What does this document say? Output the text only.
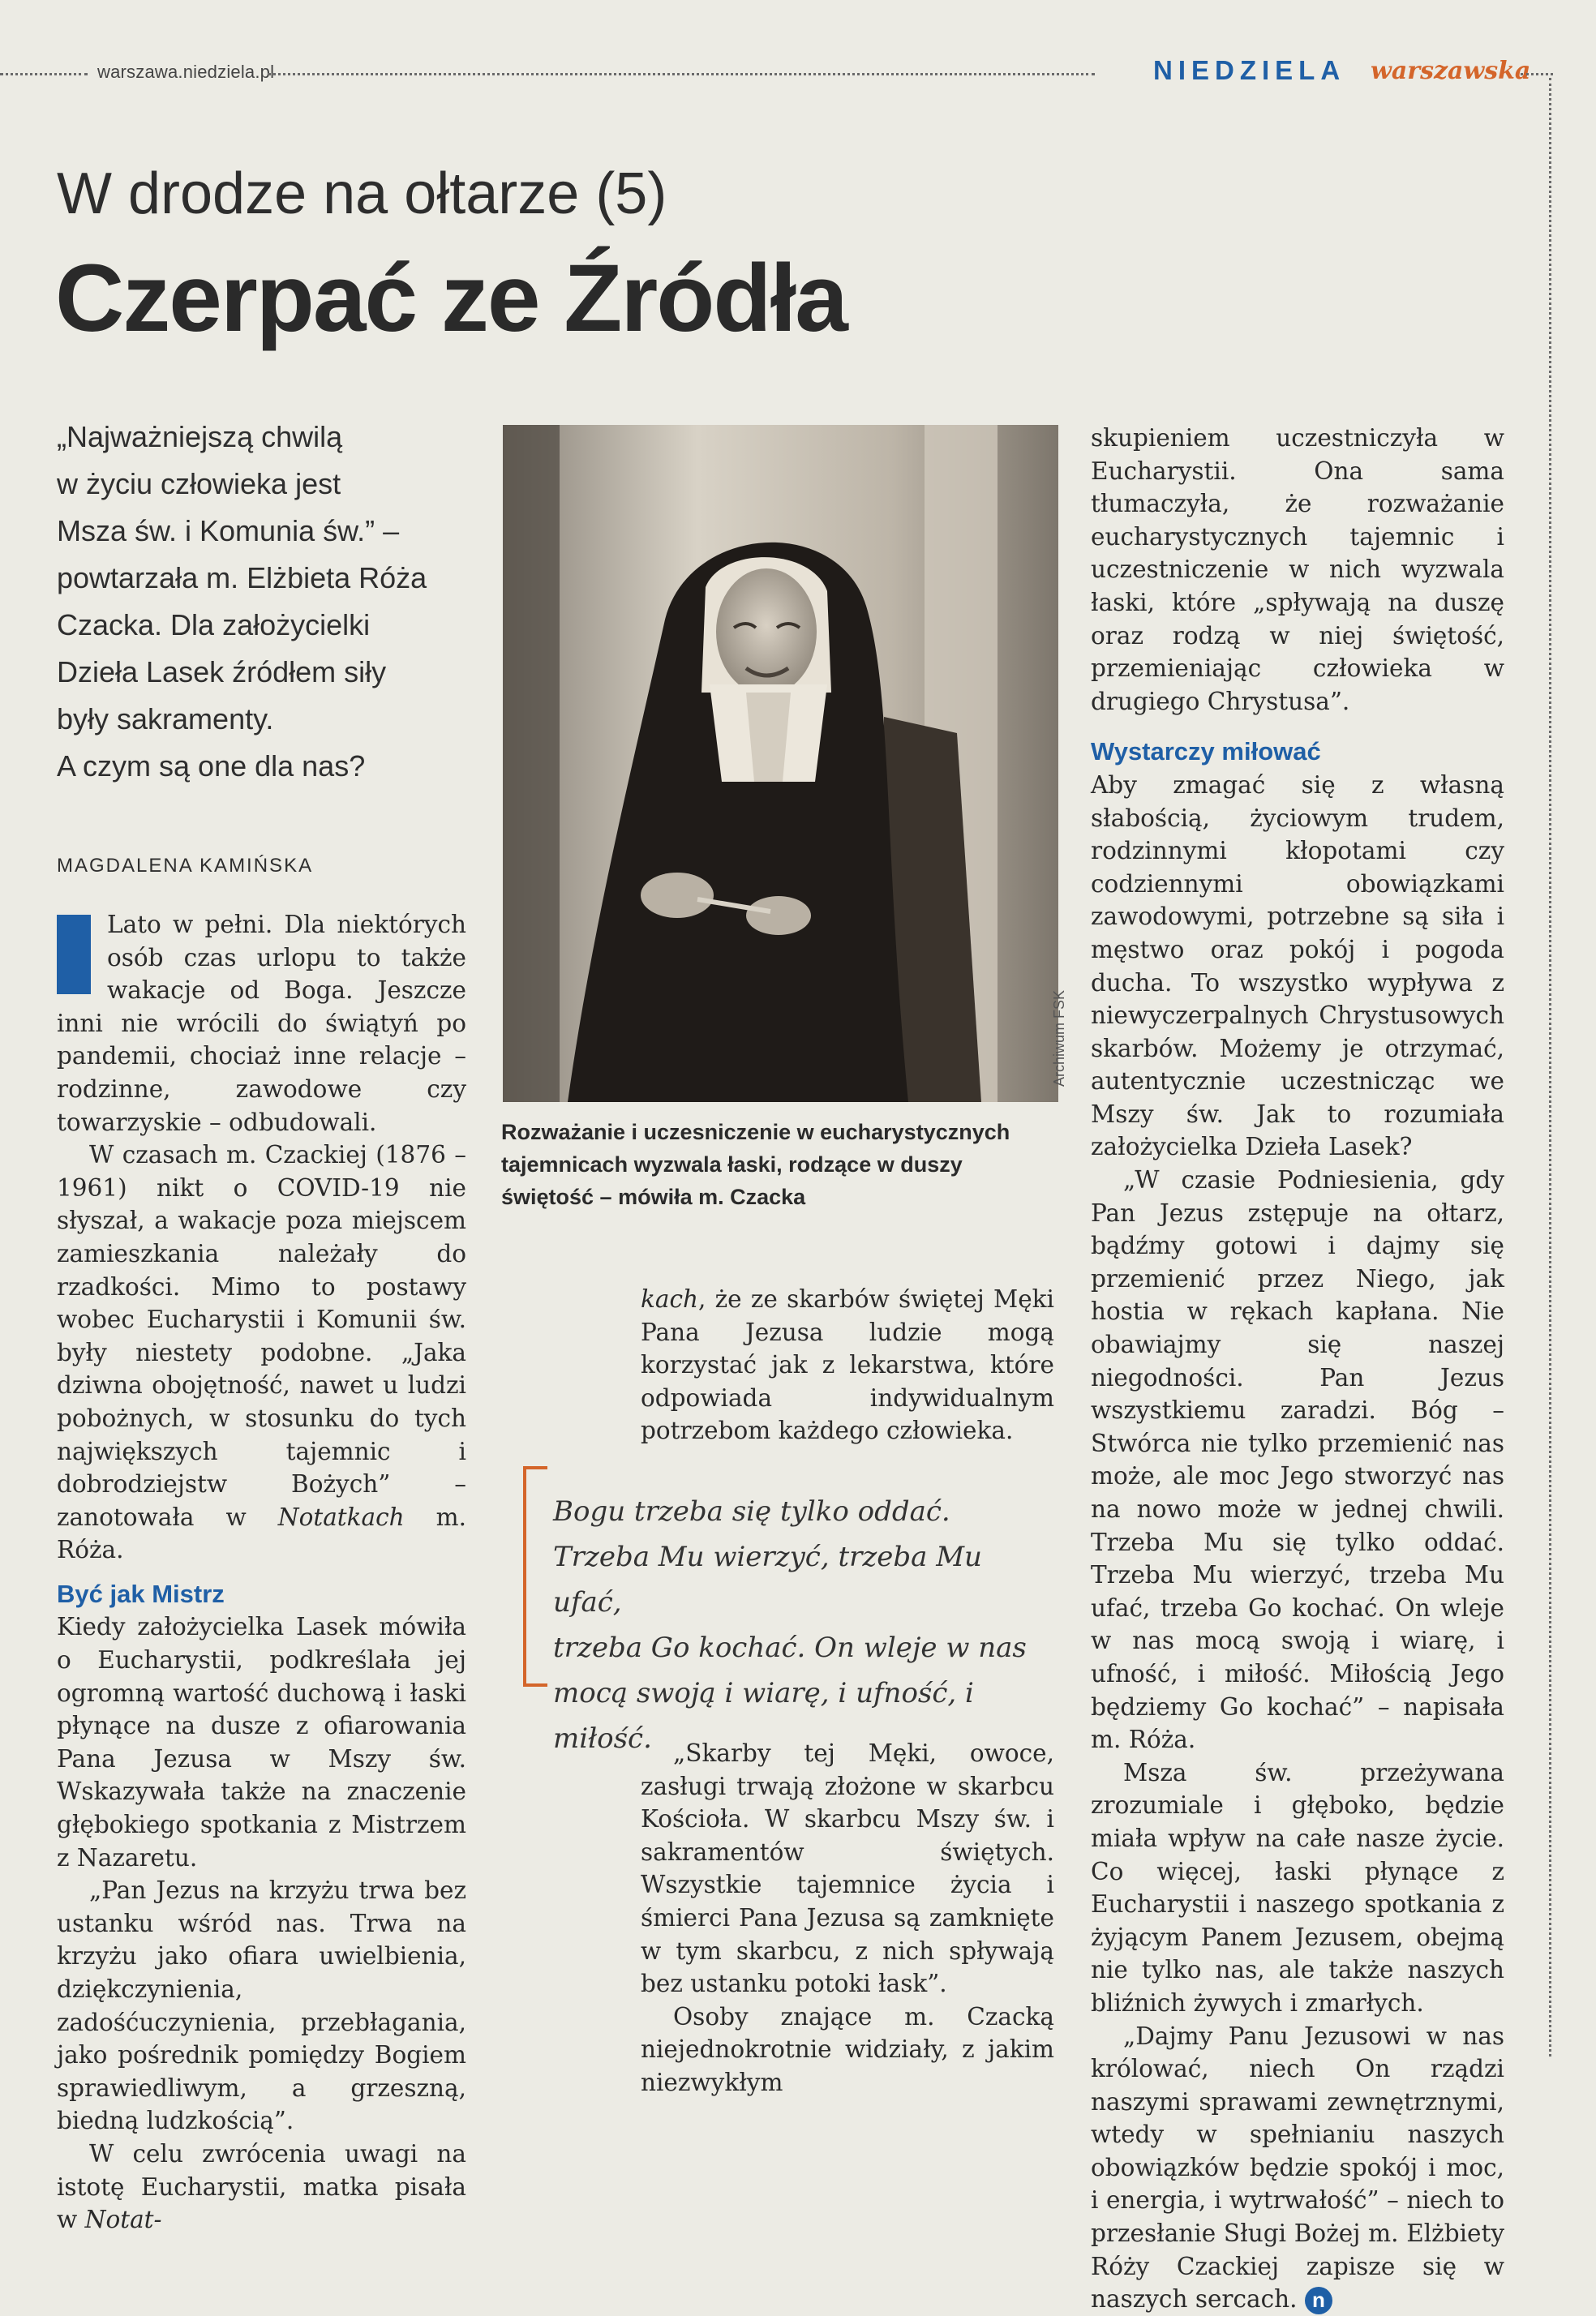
warszawa.niedziela.pl	NIEDZIELA warszawska
W drodze na ołtarze (5)
Czerpać ze Źródła

„Najważniejszą chwilą

w życiu człowieka jest

Msza św. i Komunia św.” –

powtarzała m. Elżbieta Róża

Czacka. Dla założycielki

Dzieła Lasek źródłem siły

były sakramenty.

A czym są one dla nas?

MAGDALENA KAMIŃSKA

Lato w pełni. Dla niektórych osób czas urlopu to także wakacje od Boga. Jeszcze inni nie wrócili do świątyń po pandemii, chociaż inne relacje – rodzinne, zawodowe czy towarzyskie – odbudowali.

W czasach m. Czackiej (1876 – 1961) nikt o COVID-19 nie słyszał, a wakacje poza miejscem zamieszkania należały do rzadkości. Mimo to postawy wobec Eucharystii i Komunii św. były niestety podobne. „Jaka dziwna obojętność, nawet u ludzi pobożnych, w stosunku do tych największych tajemnic i dobrodziejstw Bożych” – zanotowała w Notatkach m. Róża.

Być jak Mistrz

Kiedy założycielka Lasek mówiła o Eucharystii, podkreślała jej ogromną wartość duchową i łaski płynące na dusze z ofiarowania Pana Jezusa w Mszy św. Wskazywała także na znaczenie głębokiego spotkania z Mistrzem z Nazaretu.

„Pan Jezus na krzyżu trwa bez ustanku wśród nas. Trwa na krzyżu jako ofiara uwielbienia, dziękczynienia, zadośćuczynienia, przebłagania, jako pośrednik pomiędzy Bogiem sprawiedliwym, a grzeszną, biedną ludzkością”.

W celu zwrócenia uwagi na istotę Eucharystii, matka pisała w Notat-

Archiwum FSK
Rozważanie i uczesniczenie w eucharystycznych tajemnicach wyzwala łaski, rodzące w duszy świętość – mówiła m. Czacka

kach, że ze skarbów świętej Męki Pana Jezusa ludzie mogą korzystać jak z lekarstwa, które odpowiada indywidualnym potrzebom każdego człowieka.

Bogu trzeba się tylko oddać.

Trzeba Mu wierzyć, trzeba Mu ufać,

trzeba Go kochać. On wleje w nas

mocą swoją i wiarę, i ufność, i miłość. „Skarby tej Męki, owoce, zasługi trwają złożone w skarbcu Kościoła. W skarbcu Mszy św. i sakramentów świętych. Wszystkie tajemnice życia i śmierci Pana Jezusa są zamknięte w tym skarbcu, z nich spływają bez ustanku potoki łask”.

Osoby znające m. Czacką niejednokrotnie widziały, z jakim niezwykłym

skupieniem uczestniczyła w Eucharystii. Ona sama tłumaczyła, że rozważanie eucharystycznych tajemnic i uczestniczenie w nich wyzwala łaski, które „spływają na duszę oraz rodzą w niej świętość, przemieniając człowieka w drugiego Chrystusa”.

Wystarczy miłować

Aby zmagać się z własną słabością, życiowym trudem, rodzinnymi kłopotami czy codziennymi obowiązkami zawodowymi, potrzebne są siła i męstwo oraz pokój i pogoda ducha. To wszystko wypływa z niewyczerpalnych Chrystusowych skarbów. Możemy je otrzymać, autentycznie uczestnicząc we Mszy św. Jak to rozumiała założycielka Dzieła Lasek?

„W czasie Podniesienia, gdy Pan Jezus zstępuje na ołtarz, bądźmy gotowi i dajmy się przemienić przez Niego, jak hostia w rękach kapłana. Nie obawiajmy się naszej niegodności. Pan Jezus wszystkiemu zaradzi. Bóg – Stwórca nie tylko przemienić nas może, ale moc Jego stworzyć nas na nowo może w jednej chwili. Trzeba Mu się tylko oddać. Trzeba Mu wierzyć, trzeba Mu ufać, trzeba Go kochać. On wleje w nas mocą swoją i wiarę, i ufność, i miłość. Miłością Jego będziemy Go kochać” – napisała m. Róża.

Msza św. przeżywana zrozumiale i głęboko, będzie miała wpływ na całe nasze życie. Co więcej, łaski płynące z Eucharystii i naszego spotkania z żyjącym Panem Jezusem, obejmą nie tylko nas, ale także naszych bliźnich żywych i zmarłych.

„Dajmy Panu Jezusowi w nas królować, niech On rządzi naszymi sprawami zewnętrznymi, wtedy w spełnianiu naszych obowiązków będzie spokój i moc, i energia, i wytrwałość” – niech to przesłanie Sługi Bożej m. Elżbiety Róży Czackiej zapisze się w naszych sercach. n
